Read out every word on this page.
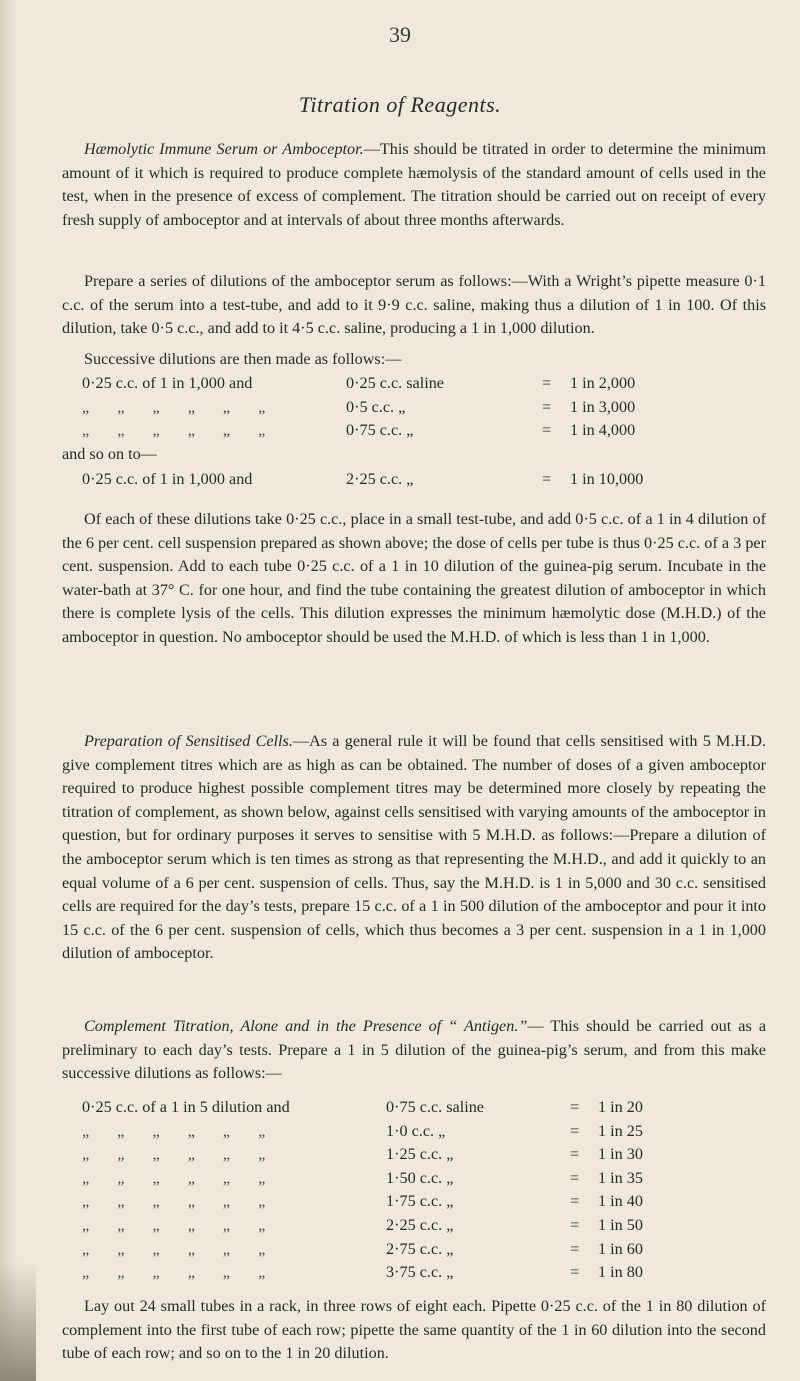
39
Titration of Reagents.

Hæmolytic Immune Serum or Amboceptor.—This should be titrated in order to determine the minimum amount of it which is required to produce complete hæmolysis of the standard amount of cells used in the test, when in the presence of excess of complement. The titration should be carried out on receipt of every fresh supply of amboceptor and at intervals of about three months afterwards.

Prepare a series of dilutions of the amboceptor serum as follows:—With a Wright’s pipette measure 0·1 c.c. of the serum into a test-tube, and add to it 9·9 c.c. saline, making thus a dilution of 1 in 100. Of this dilution, take 0·5 c.c., and add to it 4·5 c.c. saline, producing a 1 in 1,000 dilution.

Successive dilutions are then made as follows:—

0·25 c.c. of 1 in 1,000 and	0·25 c.c. saline	= 1 in 2,000
„ „ „ „ „ „	0·5 c.c. „	= 1 in 3,000
„ „ „ „ „ „	0·75 c.c. „	= 1 in 4,000
and so on to—
0·25 c.c. of 1 in 1,000 and	2·25 c.c. „	= 1 in 10,000

Of each of these dilutions take 0·25 c.c., place in a small test-tube, and add 0·5 c.c. of a 1 in 4 dilution of the 6 per cent. cell suspension prepared as shown above; the dose of cells per tube is thus 0·25 c.c. of a 3 per cent. suspension. Add to each tube 0·25 c.c. of a 1 in 10 dilution of the guinea-pig serum. Incubate in the water-bath at 37° C. for one hour, and find the tube containing the greatest dilution of amboceptor in which there is complete lysis of the cells. This dilution expresses the minimum hæmolytic dose (M.H.D.) of the amboceptor in question. No amboceptor should be used the M.H.D. of which is less than 1 in 1,000.

Preparation of Sensitised Cells.—As a general rule it will be found that cells sensitised with 5 M.H.D. give complement titres which are as high as can be obtained. The number of doses of a given amboceptor required to produce highest possible complement titres may be determined more closely by repeating the titration of complement, as shown below, against cells sensitised with varying amounts of the amboceptor in question, but for ordinary purposes it serves to sensitise with 5 M.H.D. as follows:—Prepare a dilution of the amboceptor serum which is ten times as strong as that representing the M.H.D., and add it quickly to an equal volume of a 6 per cent. suspension of cells. Thus, say the M.H.D. is 1 in 5,000 and 30 c.c. sensitised cells are required for the day’s tests, prepare 15 c.c. of a 1 in 500 dilution of the amboceptor and pour it into 15 c.c. of the 6 per cent. suspension of cells, which thus becomes a 3 per cent. suspension in a 1 in 1,000 dilution of amboceptor.

Complement Titration, Alone and in the Presence of “ Antigen.”— This should be carried out as a preliminary to each day’s tests. Prepare a 1 in 5 dilution of the guinea-pig’s serum, and from this make successive dilutions as follows:—

0·25 c.c. of a 1 in 5 dilution and	0·75 c.c. saline	= 1 in 20
„ „ „ „ „ „	1·0 c.c. „	= 1 in 25
„ „ „ „ „ „	1·25 c.c. „	= 1 in 30
„ „ „ „ „ „	1·50 c.c. „	= 1 in 35
„ „ „ „ „ „	1·75 c.c. „	= 1 in 40
„ „ „ „ „ „	2·25 c.c. „	= 1 in 50
„ „ „ „ „ „	2·75 c.c. „	= 1 in 60
„ „ „ „ „ „	3·75 c.c. „	= 1 in 80

Lay out 24 small tubes in a rack, in three rows of eight each. Pipette 0·25 c.c. of the 1 in 80 dilution of complement into the first tube of each row; pipette the same quantity of the 1 in 60 dilution into the second tube of each row; and so on to the 1 in 20 dilution.
